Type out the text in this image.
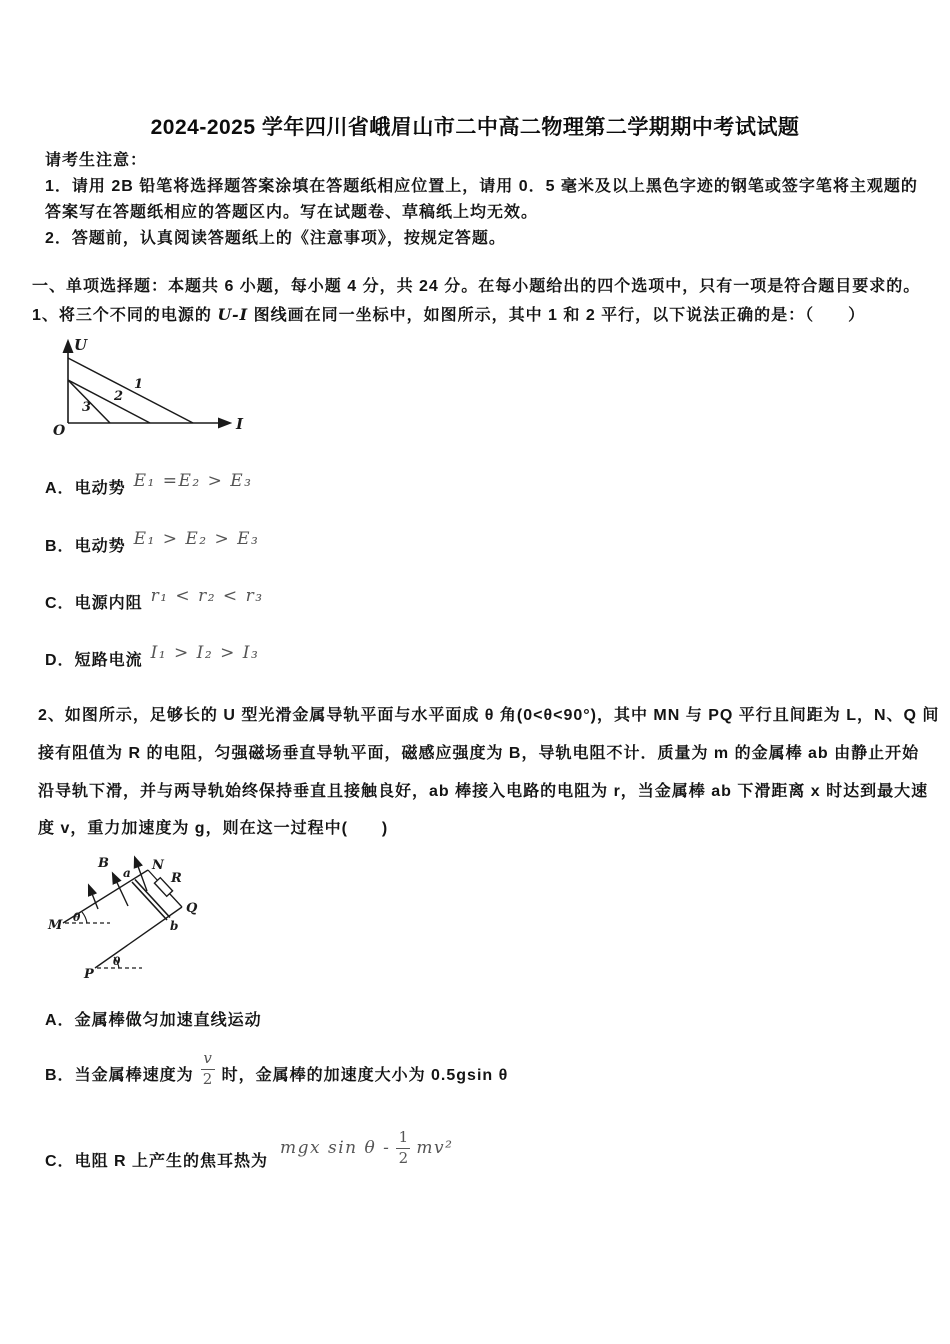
2024-2025 学年四川省峨眉山市二中高二物理第二学期期中考试试题
请考生注意：
1．请用 2B 铅笔将选择题答案涂填在答题纸相应位置上，请用 0．5 毫米及以上黑色字迹的钢笔或签字笔将主观题的
答案写在答题纸相应的答题区内。写在试题卷、草稿纸上均无效。
2．答题前，认真阅读答题纸上的《注意事项》，按规定答题。
一、单项选择题：本题共 6 小题，每小题 4 分，共 24 分。在每小题给出的四个选项中，只有一项是符合题目要求的。
1、将三个不同的电源的 U-I 图线画在同一坐标中，如图所示，其中 1 和 2 平行，以下说法正确的是：（　　）
U
I
O
1
2
3
A． 电动势 E₁ =E₂ > E₃
B． 电动势 E₁ > E₂ > E₃
C． 电源内阻 r₁ < r₂ < r₃
D． 短路电流 I₁ > I₂ > I₃
2、如图所示，足够长的 U 型光滑金属导轨平面与水平面成 θ 角(0<θ<90°)，其中 MN 与 PQ 平行且间距为 L，N、Q 间
接有阻值为 R 的电阻，匀强磁场垂直导轨平面，磁感应强度为 B，导轨电阻不计．质量为 m 的金属棒 ab 由静止开始
沿导轨下滑，并与两导轨始终保持垂直且接触良好，ab 棒接入电路的电阻为 r，当金属棒 ab 下滑距离 x 时达到最大速
度 v，重力加速度为 g，则在这一过程中(　　)
B
M
N
P
Q
R
a
b
θ
θ
A．金属棒做匀加速直线运动
B． 当金属棒速度为 $\frac{v}{2}$ 时，金属棒的加速度大小为 0.5gsin θ
C． 电阻 R 上产生的焦耳热为
mgx sin θ - $\frac{1}{2} mv^2$
